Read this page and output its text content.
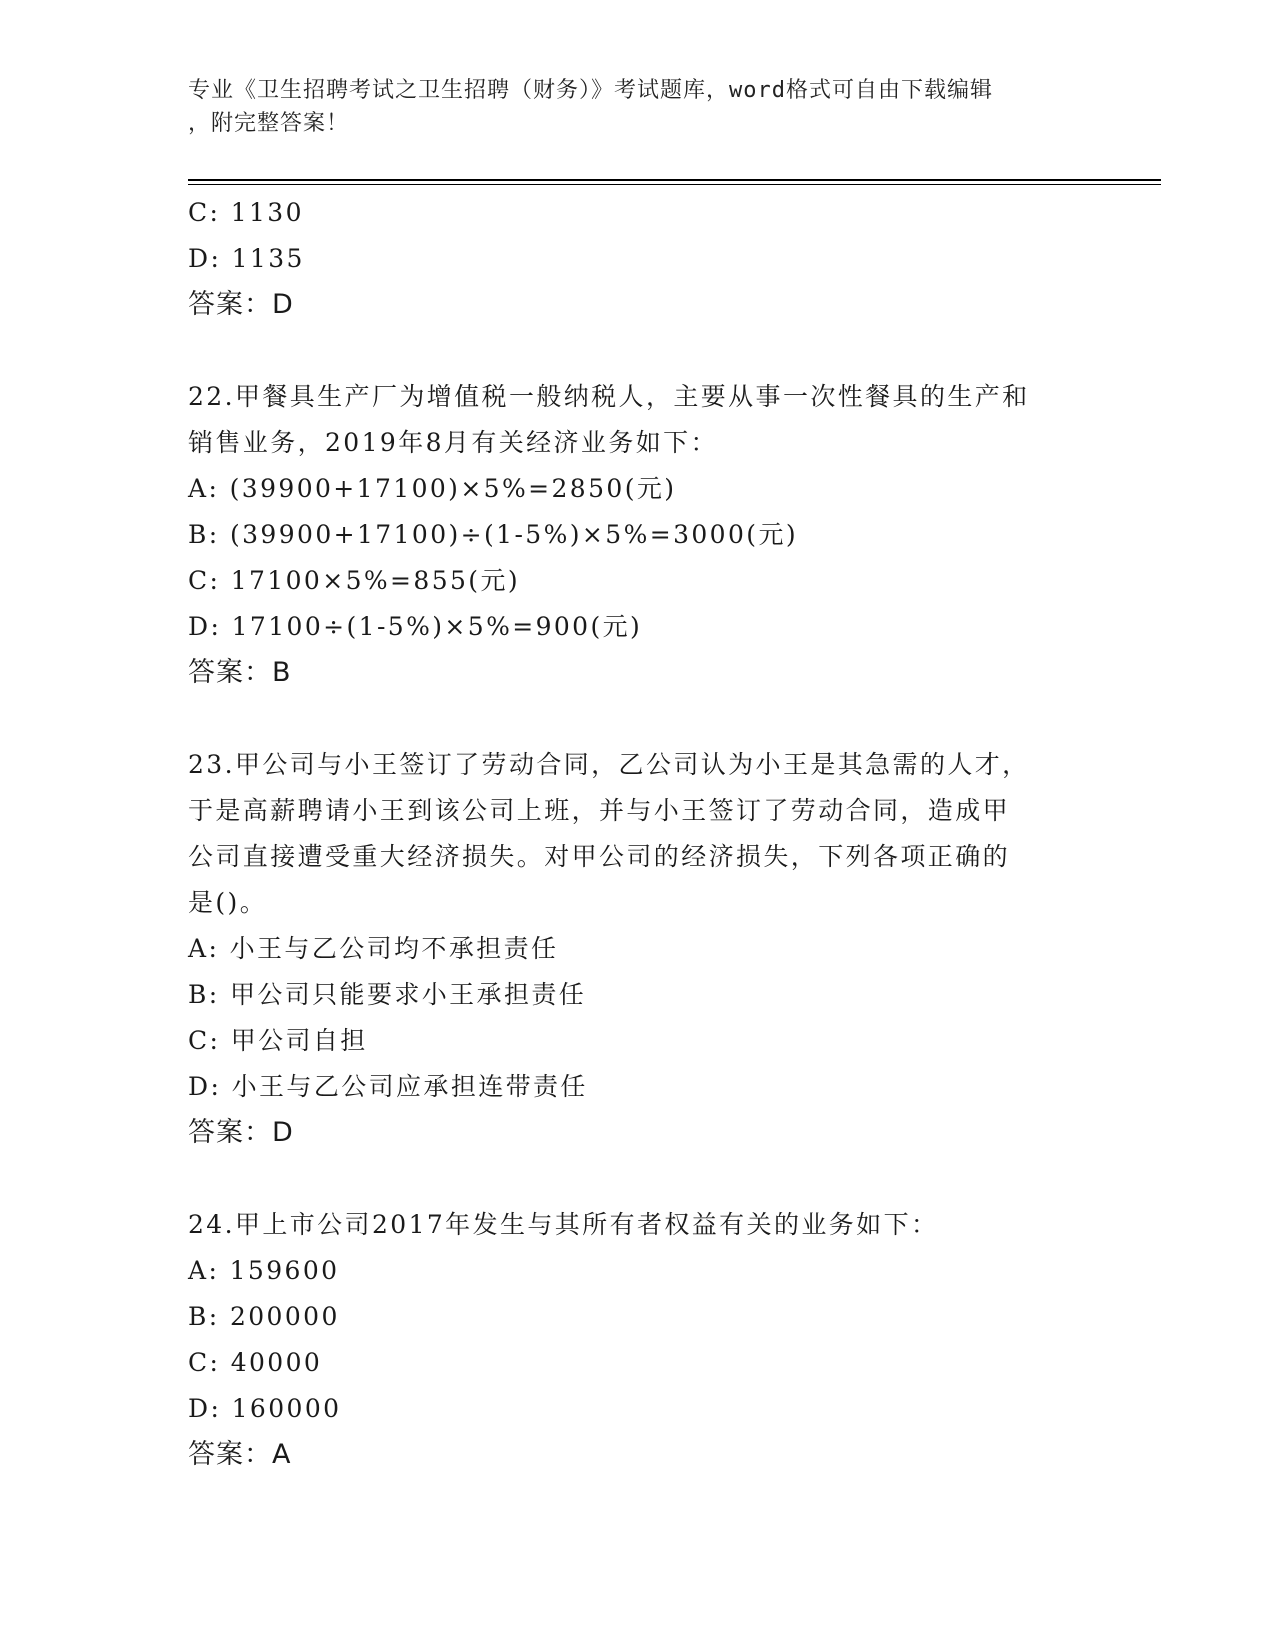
专业《卫生招聘考试之卫生招聘（财务）》考试题库，word格式可自由下载编辑
，附完整答案！
C: 1130
D: 1135
答案：D
22.甲餐具生产厂为增值税一般纳税人，主要从事一次性餐具的生产和
销售业务，2019年8月有关经济业务如下：
A: (39900+17100)×5%=2850(元)
B: (39900+17100)÷(1-5%)×5%=3000(元)
C: 17100×5%=855(元)
D: 17100÷(1-5%)×5%=900(元)
答案：B
23.甲公司与小王签订了劳动合同，乙公司认为小王是其急需的人才，
于是高薪聘请小王到该公司上班，并与小王签订了劳动合同，造成甲
公司直接遭受重大经济损失。对甲公司的经济损失，下列各项正确的
是()。
A: 小王与乙公司均不承担责任
B: 甲公司只能要求小王承担责任
C: 甲公司自担
D: 小王与乙公司应承担连带责任
答案：D
24.甲上市公司2017年发生与其所有者权益有关的业务如下：
A: 159600
B: 200000
C: 40000
D: 160000
答案：A
